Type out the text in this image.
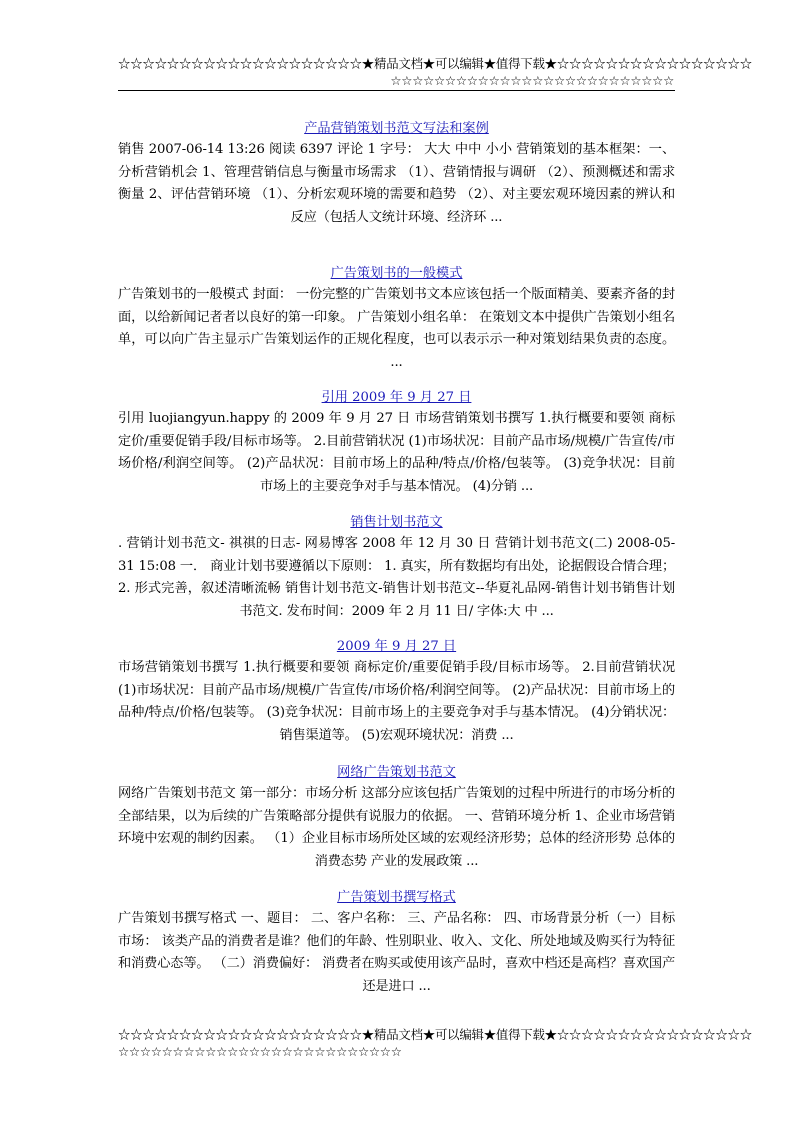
☆☆☆☆☆☆☆☆☆☆☆☆☆☆☆☆☆☆☆☆★精品文档★可以编辑★值得下载★☆☆☆☆☆☆☆☆☆☆☆☆☆☆☆☆
☆☆☆☆☆☆☆☆☆☆☆☆☆☆☆☆☆☆☆☆☆☆☆☆☆☆
产品营销策划书范文写法和案例

销售 2007-06-14 13:26 阅读 6397 评论 1 字号： 大大 中中 小小 营销策划的基本框架：一、分析营销机会 1、管理营销信息与衡量市场需求 （1）、营销情报与调研 （2）、预测概述和需求衡量 2、评估营销环境 （1）、分析宏观环境的需要和趋势 （2）、对主要宏观环境因素的辨认和反应（包括人文统计环境、经济环 ...

广告策划书的一般模式

广告策划书的一般模式 封面： 一份完整的广告策划书文本应该包括一个版面精美、要素齐备的封面，以给新闻记者者以良好的第一印象。 广告策划小组名单： 在策划文本中提供广告策划小组名单，可以向广告主显示广告策划运作的正规化程度，也可以表示示一种对策划结果负责的态度。 ...

引用 2009 年 9 月 27 日

引用 luojiangyun.happy 的 2009 年 9 月 27 日 市场营销策划书撰写 1.执行概要和要领 商标定价/重要促销手段/目标市场等。 2.目前营销状况 (1)市场状况：目前产品市场/规模/广告宣传/市场价格/利润空间等。 (2)产品状况：目前市场上的品种/特点/价格/包装等。 (3)竞争状况：目前市场上的主要竞争对手与基本情况。 (4)分销 ...

销售计划书范文

. 营销计划书范文- 祺祺的日志- 网易博客 2008 年 12 月 30 日 营销计划书范文(二) 2008-05-31 15:08 一． 商业计划书要遵循以下原则： 1. 真实，所有数据均有出处，论据假设合情合理； 2. 形式完善，叙述清晰流畅 销售计划书范文-销售计划书范文--华夏礼品网-销售计划书销售计划书范文. 发布时间：2009 年 2 月 11 日/ 字体:大 中 ...

2009 年 9 月 27 日

市场营销策划书撰写 1.执行概要和要领 商标定价/重要促销手段/目标市场等。 2.目前营销状况 (1)市场状况：目前产品市场/规模/广告宣传/市场价格/利润空间等。 (2)产品状况：目前市场上的品种/特点/价格/包装等。 (3)竞争状况：目前市场上的主要竞争对手与基本情况。 (4)分销状况：销售渠道等。 (5)宏观环境状况：消费 ...

网络广告策划书范文

网络广告策划书范文 第一部分：市场分析 这部分应该包括广告策划的过程中所进行的市场分析的全部结果，以为后续的广告策略部分提供有说服力的依据。 一、营销环境分析 1、企业市场营销环境中宏观的制约因素。 （1）企业目标市场所处区域的宏观经济形势；总体的经济形势 总体的消费态势 产业的发展政策 ...

广告策划书撰写格式

广告策划书撰写格式 一、题目： 二、客户名称： 三、产品名称： 四、市场背景分析（一）目标市场： 该类产品的消费者是谁？他们的年龄、性别职业、收入、文化、所处地域及购买行为特征和消费心态等。 （二）消费偏好： 消费者在购买或使用该产品时，喜欢中档还是高档？喜欢国产还是进口 ...

☆☆☆☆☆☆☆☆☆☆☆☆☆☆☆☆☆☆☆☆★精品文档★可以编辑★值得下载★☆☆☆☆☆☆☆☆☆☆☆☆☆☆☆☆
☆☆☆☆☆☆☆☆☆☆☆☆☆☆☆☆☆☆☆☆☆☆☆☆☆☆
